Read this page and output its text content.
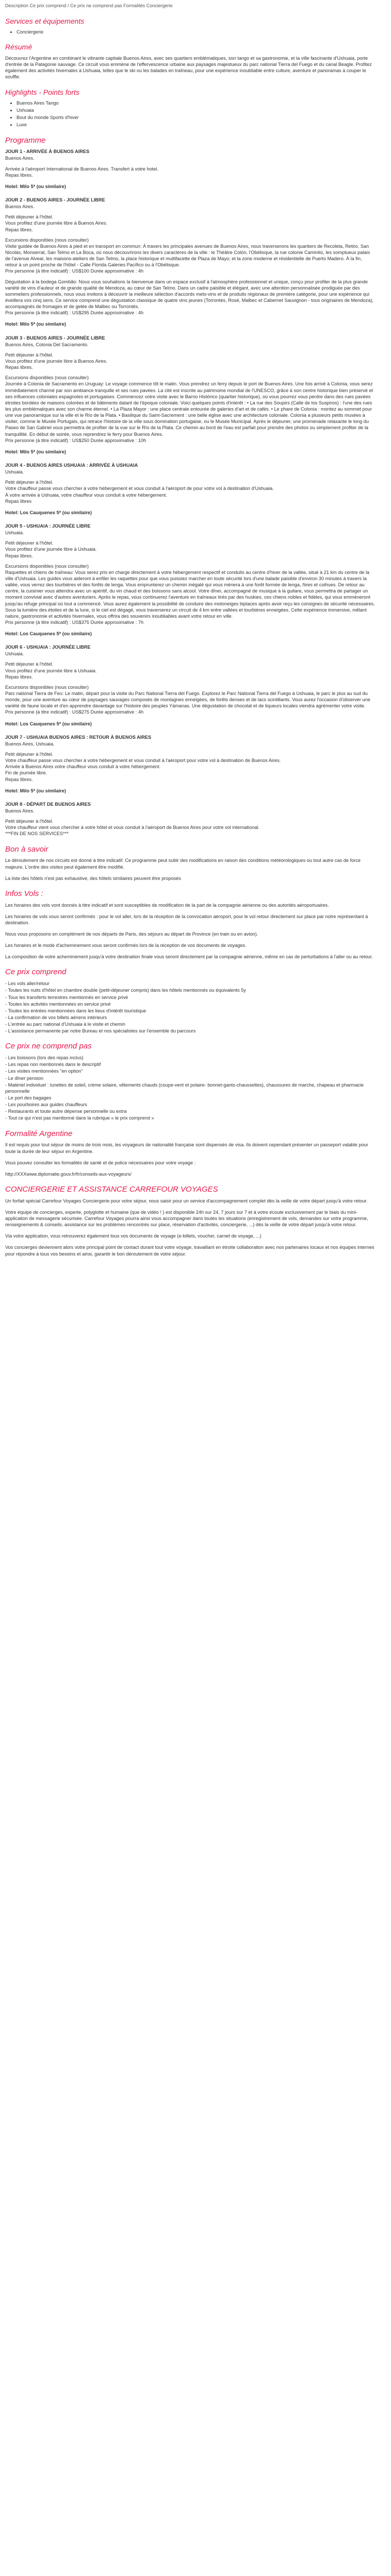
Description Ce prix comprend / Ce prix ne comprend pas Formalités Conciergerie
Services et équipements
• Conciergerie
Résumé

Découvrez l'Argentine en combinant le vibrante capitale Buenos Aires, avec ses quartiers emblématiques, son tango et sa gastronomie, et la ville fascinante d'Ushuaia, porte d'entrée de la Patagonie sauvage. Ce circuit vous emmène de l'effervescence urbaine aux paysages majestueux du parc national Tierra del Fuego et du canal Beagle. Profitez également des activités hivernales à Ushuaia, telles que le ski ou les balades en traîneau, pour une expérience inoubliable entre culture, aventure et panoramas à couper le souffle.

Highlights - Points forts
• Buenos Aires Tango
• Ushuaia
• Bout du monde Sports d'hiver
• Luxe
Programme

JOUR 1 - ARRIVÉE À BUENOS AIRES

Buenos Aires.

Arrivée à l'aéroport International de Buenos Aires. Transfert à votre hotel.

Repas libres.

Hotel: Milo 5* (ou similaire)

JOUR 2 - BUENOS AIRES - JOURNÉE LIBRE

Buenos Aires.

Petit déjeuner à l'hôtel.

Vous profitez d'une journée libre à Buenos Aires.

Repas libres.

Excursions disponibles (nous consulter)

Visite guidée de Buenos Aires à pied et en transport en commun: À travers les principales avenues de Buenos Aires, nous traverserons les quartiers de Recoleta, Retiro, San Nicolás, Monserrat, San Telmo et La Boca, où nous découvrirons les divers caractères de la ville : le Théâtre Colón, l'Obélisque, la rue colonie Caminito, les somptueux palais de l'avenue Alvear, les maisons-ateliers de San Telmo, la place historique et multifacette de Plaza de Mayo; et la zone moderne et résidentielle de Puerto Madero. À la fin, retour à un point proche de l'hôtel - Calle Florida Galeries Pacífico ou à l'Obélisque.

Prix personne (à titre indicatif) : US$100 Durée approximative : 4h

Dégustation à la bodega Gombão: Nous vous souhaitons la bienvenue dans un espace exclusif à l'atmosphère professionnel et unique, conçu pour profiter de la plus grande variété de vins d'auteur et de grande qualité de Mendoza, au cœur de San Telmo. Dans un cadre paisible et élégant, avec une attention personnalisée prodiguée par des sommeliers professionnels, nous vous invitons à découvrir la meilleure sélection d'accords mets-vins et de produits régionaux de première catégorie, pour une expérience qui éveillera vos cinq sens. Ce service comprend une dégustation classique de quatre vins jeunes (Torrontés, Rosé, Malbec et Cabernet Sauvignon - tous originaires de Mendoza), accompagnés de fromages et de gelée de Malbec ou Torrontés.

Prix personne (à titre indicatif) : US$295 Durée approximative : 4h

Hotel: Milo 5* (ou similaire)

JOUR 3 - BUENOS AIRES - JOURNÉE LIBRE

Buenos Aires, Colonia Del Sacramento.

Petit déjeuner à l'hôtel.

Vous profitez d'une journée libre à Buenos Aires.

Repas libres.

Excursions disponibles (nous consulter)

Journée à Colonia de Sacramento en Uruguay: Le voyage commence tôt le matin. Vous prendrez un ferry depuis le port de Buenos Aires. Une fois arrivé à Colonia, vous serez immédiatement charmé par son ambiance tranquille et ses rues pavées. La cité est inscrite au patrimoine mondial de l'UNESCO, grâce à son centre historique bien préservé et ses influences coloniales espagnoles et portugaises. Commencez votre visite avec le Barrio Histórico (quartier historique), où vous pourrez vous perdre dans des rues pavées étroites bordées de maisons colorées et de bâtiments datant de l'époque coloniale. Voici quelques points d'intérêt : • La rue des Soupirs (Calle de los Suspiros) : l'une des rues les plus emblématiques avec son charme éternel. • La Plaza Mayor : une place centrale entourée de galeries d'art et de cafés. • Le phare de Colonia : montez au sommet pour une vue panoramique sur la ville et le Río de la Plata. • Basilique du Saint-Sacrement : une belle église avec une architecture coloniale. Colonia a plusieurs petits musées à visiter, comme le Musée Portugais, qui retrace l'histoire de la ville sous domination portugaise, ou le Musée Municipal. Après le déjeuner, une promenade relaxante le long du Paseo de San Gabriel vous permettra de profiter de la vue sur le Río de la Plata. Ce chemin au bord de l'eau est parfait pour prendre des photos ou simplement profiter de la tranquillité. En début de soirée, vous reprendrez le ferry pour Buenos Aires.

Prix personne (à titre indicatif) : US$250 Durée approximative : 10h

Hotel: Milo 5* (ou similaire)

JOUR 4 - BUENOS AIRES USHUAIA : ARRIVÉE À USHUAIA

Ushuaia.

Petit déjeuner à l'hôtel.

Votre chauffeur passe vous chercher à votre hébergement et vous conduit à l'aéroport de pour votre vol à destination d'Ushuaia.

À votre arrivée à Ushuaia, votre chauffeur vous conduit à votre hébergement.

Repas libres

Hotel: Los Cauquenes 5* (ou similaire)

JOUR 5 - USHUAIA : JOURNÉE LIBRE

Ushuaia.

Petit déjeuner à l'hôtel.

Vous profitez d'une journée libre à Ushuaia.

Repas libres.

Excursions disponibles (nous consulter)

Raquettes et chiens de traîneau: Vous serez pris en charge directement à votre hébergement respectif et conduits au centre d'hiver de la vallée, situé à 21 km du centre de la ville d'Ushuaia. Les guides vous aideront à enfiler les raquettes pour que vous puissiez marcher en toute sécurité lors d'une balade paisible d'environ 30 minutes à travers la vallée, vous verrez des tourbières et des forêts de lenga. Vous emprunterez un chemin inégalé qui vous mènera à une forêt formée de lenga, ñires et coihues. De retour au centre, la cuisinier vous attendra avec un apéritif, du vin chaud et des boissons sans alcool. Votre dîner, accompagné de musique à la guitare, vous permettra de partager un moment convivial avec d'autres aventuriers. Après le repas, vous continuerez l'aventure en traîneaux tirés par des huskies, ces chiens nobles et fidèles, qui vous emmèneront jusqu'au refuge principal où tout a commencé. Vous aurez également la possibilité de conduire des motoneiges biplaces après avoir reçu les consignes de sécurité nécessaires. Sous la lumière des étoiles et de la lune, si le ciel est dégagé, vous traverserez un circuit de 4 km entre vallées et tourbières enneigées. Cette expérience immersive, mêlant nature, gastronomie et activités hivernales, vous offrira des souvenirs inoubliables avant votre retour en ville.

Prix personne (à titre indicatif) : US$375 Durée approximative : 7h

Hotel: Los Cauquenes 5* (ou similaire)

JOUR 6 - USHUAIA : JOURNÉE LIBRE

Ushuaia.

Petit déjeuner à l'hôtel.

Vous profitez d'une journée libre à Ushuaia.

Repas libres.

Excursions disponibles (nous consulter)

Parc national Tierra de Feu: Le matin, départ pour la visite du Parc National Tierra del Fuego. Explorez le Parc National Tierra del Fuego à Ushuaia, le parc le plus au sud du monde, pour une aventure au cœur de paysages sauvages composés de montagnes enneigées, de forêts denses et de lacs scintillants. Vous aurez l'occasion d'observer une variété de faune locale et d'en apprendre davantage sur l'histoire des peuples Yámanas. Une dégustation de chocolat et de liqueurs locales viendra agrémenter votre visite.

Prix personne (à titre indicatif) : US$275 Durée approximative : 4h

Hotel: Los Cauquenes 5* (ou similaire)

JOUR 7 - USHUAIA BUENOS AIRES : RETOUR À BUENOS AIRES

Buenos Aires, Ushuaia.

Petit déjeuner à l'hôtel.

Votre chauffeur passe vous chercher à votre hébergement et vous conduit à l'aéroport pour votre vol à destination de Buenos Aires.

Arrivée à Buenos Aires votre chauffeur vous conduit à votre hébergement.

Fin de journée libre.

Repas libres.

Hotel: Milo 5* (ou similaire)

JOUR 8 - DÉPART DE BUENOS AIRES

Buenos Aires.

Petit déjeuner à l'hôtel.

Votre chauffeur vient vous chercher à votre hôtel et vous conduit à l'aéroport de Buenos Aires pour votre vol international.

***FIN DE NOS SERVICES***

Bon à savoir

Le déroulement de nos circuits est donné à titre indicatif. Ce programme peut subir des modifications en raison des conditions météorologiques ou tout autre cas de force majeure. L'ordre des visites peut également être modifié.

La liste des hôtels n'est pas exhaustive, des hôtels similaires peuvent être proposés

Infos Vols :

Les horaires des vols vont donnés à titre indicatif et sont susceptibles de modification de la part de la compagnie aérienne ou des autorités aéroportuaires.

Les horaires de vols vous seront confirmés : pour le vol aller, lors de la réception de la convocation aéroport, pour le vol retour directement sur place par notre représentant à destination.

Nous vous proposons en complément de nos départs de Paris, des séjours au départ de Province (en train ou en avion).

Les horaires et le mode d'acheminement vous seront confirmés lors de la réception de vos documents de voyages.

La composition de votre acheminement jusqu'à votre destination finale vous seront directement par la compagnie aérienne, même en cas de perturbations à l'aller ou au retour.

Ce prix comprend
- Les vols aller/retour
- Toutes les nuits d'hôtel en chambre double (petit-déjeuner compris) dans les hôtels mentionnés ou équivalents 5y
- Tous les transferts terrestres mentionnés en service privé
- Toutes les activités mentionnées en service privé
- Toutes les entrées mentionnées dans les lieux d'intérêt touristique
- La confirmation de vos billets aériens intérieurs
- L'entrée au parc national d'Ushuaia à le visite et chemin
- L'assistance permanente par notre Bureau et nos spécialistes sur l'ensemble du parcours
Ce prix ne comprend pas
- Les boissons (lors des repas inclus)
- Les repas non mentionnés dans le descriptif
- Les visites mentionnées "en option"
- Le dîner pension
- Matériel individuel : lunettes de soleil, crème solaire, vêtements chauds (coupe-vent et polaire- bonnet-gants-chaussettes), chaussures de marche, chapeau et pharmacie personnelle
- Le port des bagages
- Les pourboires aux guides chauffeurs
- Restaurants et toute autre dépense personnelle ou extra
- Tout ce qui n'est pas mentionné dans la rubrique « le prix comprend »
Formalité Argentine

Il est requis pour tout séjour de moins de trois mois, les voyageurs de nationalité française sont dispensés de visa. Ils doivent cependant présenter un passeport valable pour toute la durée de leur séjour en Argentine.

Vous pouvez consulter les formalités de santé et de police nécessaires pour votre voyage :

http://XXXwww.diplomatie.gouv.fr/fr/conseils-aux-voyageurs/

CONCIERGERIE ET ASSISTANCE CARREFOUR VOYAGES

Un forfait spécial Carrefour Voyages Conciergerie pour votre séjour, nous saisir pour un service d'accompagnement complet dès la veille de votre départ jusqu'à votre retour.

Votre équipe de concierges, experte, polyglotte et humaine (que de vidéo ! ) est disponible 24h sur 24, 7 jours sur 7 et à votre écoute exclusivement par le biais du mini-application de messagerie sécurisée. Carrefour Voyages pourra ainsi vous accompagner dans toutes les situations (enregistrement de vols, demandes sur votre programme, renseignements & conseils, assistance sur les problèmes rencontrés sur place, réservation d'activités, conciergerie, ...) dès la veille de votre départ jusqu'à votre retour.

Via votre application, vous retrouverez également tous vos documents de voyage (e-billets, voucher, carnet de voyage, ...)

Vos concierges deviennent alors votre principal point de contact durant tout votre voyage, travaillant en étroite collaboration avec nos partenaires locaux et nos équipes internes pour répondre à tous vos besoins et ainsi, garantir le bon déroulement de votre séjour.
